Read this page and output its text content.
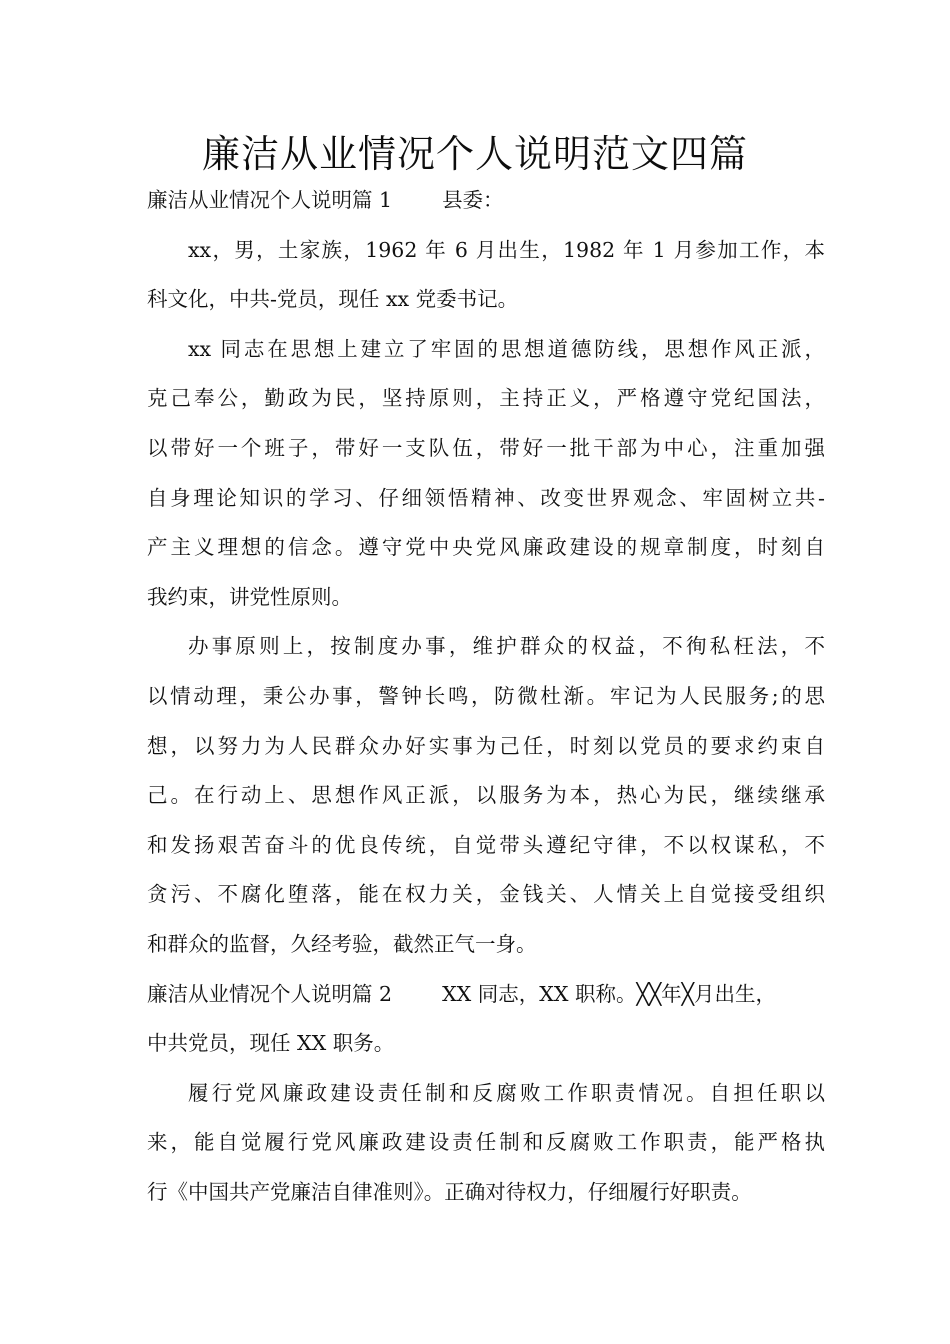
廉洁从业情况个人说明范文四篇

廉洁从业情况个人说明篇 1 县委：

xx，男，土家族，1962 年 6 月出生，1982 年 1 月参加工作，本
科文化，中共-党员，现任 xx 党委书记。

xx 同志在思想上建立了牢固的思想道德防线，思想作风正派，
克己奉公，勤政为民，坚持原则，主持正义，严格遵守党纪国法，
以带好一个班子，带好一支队伍，带好一批干部为中心，注重加强
自身理论知识的学习、仔细领悟精神、改变世界观念、牢固树立共-
产主义理想的信念。遵守党中央党风廉政建设的规章制度，时刻自
我约束，讲党性原则。

办事原则上，按制度办事，维护群众的权益，不徇私枉法，不
以情动理，秉公办事，警钟长鸣，防微杜渐。牢记为人民服务;的思
想，以努力为人民群众办好实事为己任，时刻以党员的要求约束自
己。在行动上、思想作风正派，以服务为本，热心为民，继续继承
和发扬艰苦奋斗的优良传统，自觉带头遵纪守律，不以权谋私，不
贪污、不腐化堕落，能在权力关，金钱关、人情关上自觉接受组织
和群众的监督，久经考验，截然正气一身。

廉洁从业情况个人说明篇 2 XX 同志，XX 职称。╳╳年╳月出生，

中共党员，现任 XX 职务。

履行党风廉政建设责任制和反腐败工作职责情况。自担任职以
来，能自觉履行党风廉政建设责任制和反腐败工作职责，能严格执
行《中国共产党廉洁自律准则》。正确对待权力，仔细履行好职责。
